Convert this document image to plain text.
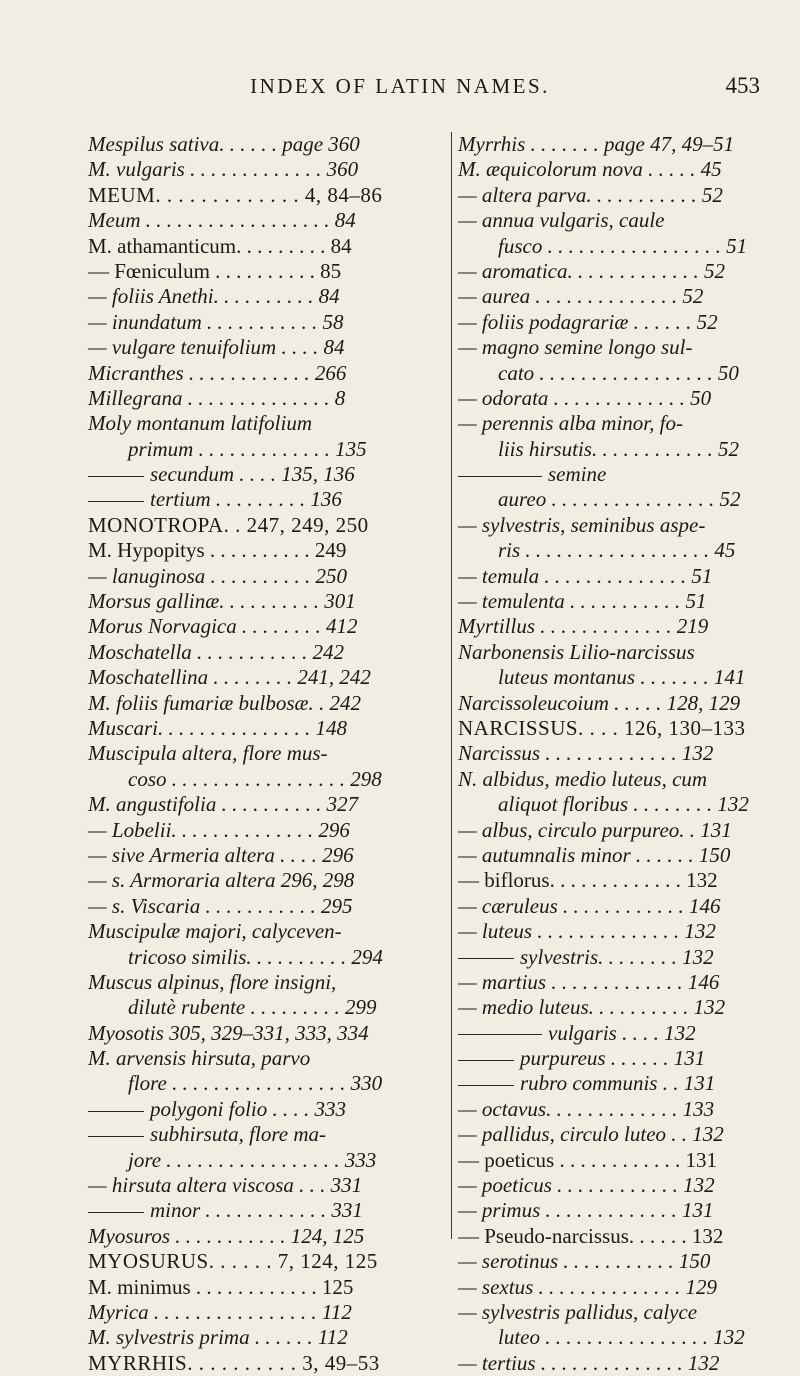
INDEX OF LATIN NAMES.	453
Mespilus sativa. . . . . . page 360
M. vulgaris . . . . . . . . . . . . . 360
MEUM. . . . . . . . . . . . . 4, 84–86
Meum . . . . . . . . . . . . . . . . . . 84
M. athamanticum. . . . . . . . . 84
— Fœniculum . . . . . . . . . . 85
— foliis Anethi. . . . . . . . . . 84
— inundatum . . . . . . . . . . . 58
— vulgare tenuifolium . . . . 84
Micranthes . . . . . . . . . . . . 266
Millegrana . . . . . . . . . . . . . . 8
Moly montanum latifolium
primum . . . . . . . . . . . . . 135
secundum . . . . 135, 136
tertium . . . . . . . . . 136
MONOTROPA. . 247, 249, 250
M. Hypopitys . . . . . . . . . . 249
— lanuginosa . . . . . . . . . . 250
Morsus gallinæ. . . . . . . . . . 301
Morus Norvagica . . . . . . . . 412
Moschatella . . . . . . . . . . . 242
Moschatellina . . . . . . . . 241, 242
M. foliis fumariæ bulbosæ. . 242
Muscari. . . . . . . . . . . . . . . 148
Muscipula altera, flore mus-
coso . . . . . . . . . . . . . . . . . 298
M. angustifolia . . . . . . . . . . 327
— Lobelii. . . . . . . . . . . . . . 296
— sive Armeria altera . . . . 296
— s. Armoraria altera 296, 298
— s. Viscaria . . . . . . . . . . . 295
Muscipulæ majori, calyceven-
tricoso similis. . . . . . . . . . 294
Muscus alpinus, flore insigni,
dilutè rubente . . . . . . . . . 299
Myosotis 305, 329–331, 333, 334
M. arvensis hirsuta, parvo
flore . . . . . . . . . . . . . . . . . 330
polygoni folio . . . . 333
subhirsuta, flore ma-
jore . . . . . . . . . . . . . . . . . 333
— hirsuta altera viscosa . . . 331
minor . . . . . . . . . . . . 331
Myosuros . . . . . . . . . . . 124, 125
MYOSURUS. . . . . . 7, 124, 125
M. minimus . . . . . . . . . . . . 125
Myrica . . . . . . . . . . . . . . . . 112
M. sylvestris prima . . . . . . 112
MYRRHIS. . . . . . . . . . 3, 49–53
Myrrhis . . . . . . . page 47, 49–51
M. æquicolorum nova . . . . . 45
— altera parva. . . . . . . . . . . 52
— annua vulgaris, caule
fusco . . . . . . . . . . . . . . . . . 51
— aromatica. . . . . . . . . . . . . 52
— aurea . . . . . . . . . . . . . . 52
— foliis podagrariæ . . . . . . 52
— magno semine longo sul-
cato . . . . . . . . . . . . . . . . . 50
— odorata . . . . . . . . . . . . . 50
— perennis alba minor, fo-
liis hirsutis. . . . . . . . . . . . 52
semine
aureo . . . . . . . . . . . . . . . . 52
— sylvestris, seminibus aspe-
ris . . . . . . . . . . . . . . . . . . 45
— temula . . . . . . . . . . . . . . 51
— temulenta . . . . . . . . . . . 51
Myrtillus . . . . . . . . . . . . . 219
Narbonensis Lilio-narcissus
luteus montanus . . . . . . . 141
Narcissoleucoium . . . . . 128, 129
NARCISSUS. . . . 126, 130–133
Narcissus . . . . . . . . . . . . . 132
N. albidus, medio luteus, cum
aliquot floribus . . . . . . . . 132
— albus, circulo purpureo. . 131
— autumnalis minor . . . . . . 150
— biflorus. . . . . . . . . . . . . 132
— cæruleus . . . . . . . . . . . . 146
— luteus . . . . . . . . . . . . . . 132
sylvestris. . . . . . . . 132
— martius . . . . . . . . . . . . . 146
— medio luteus. . . . . . . . . . 132
vulgaris . . . . 132
purpureus . . . . . . 131
rubro communis . . 131
— octavus. . . . . . . . . . . . . 133
— pallidus, circulo luteo . . 132
— poeticus . . . . . . . . . . . . 131
— poeticus . . . . . . . . . . . . 132
— primus . . . . . . . . . . . . . 131
— Pseudo-narcissus. . . . . . 132
— serotinus . . . . . . . . . . . 150
— sextus . . . . . . . . . . . . . . 129
— sylvestris pallidus, calyce
luteo . . . . . . . . . . . . . . . . 132
— tertius . . . . . . . . . . . . . . 132
